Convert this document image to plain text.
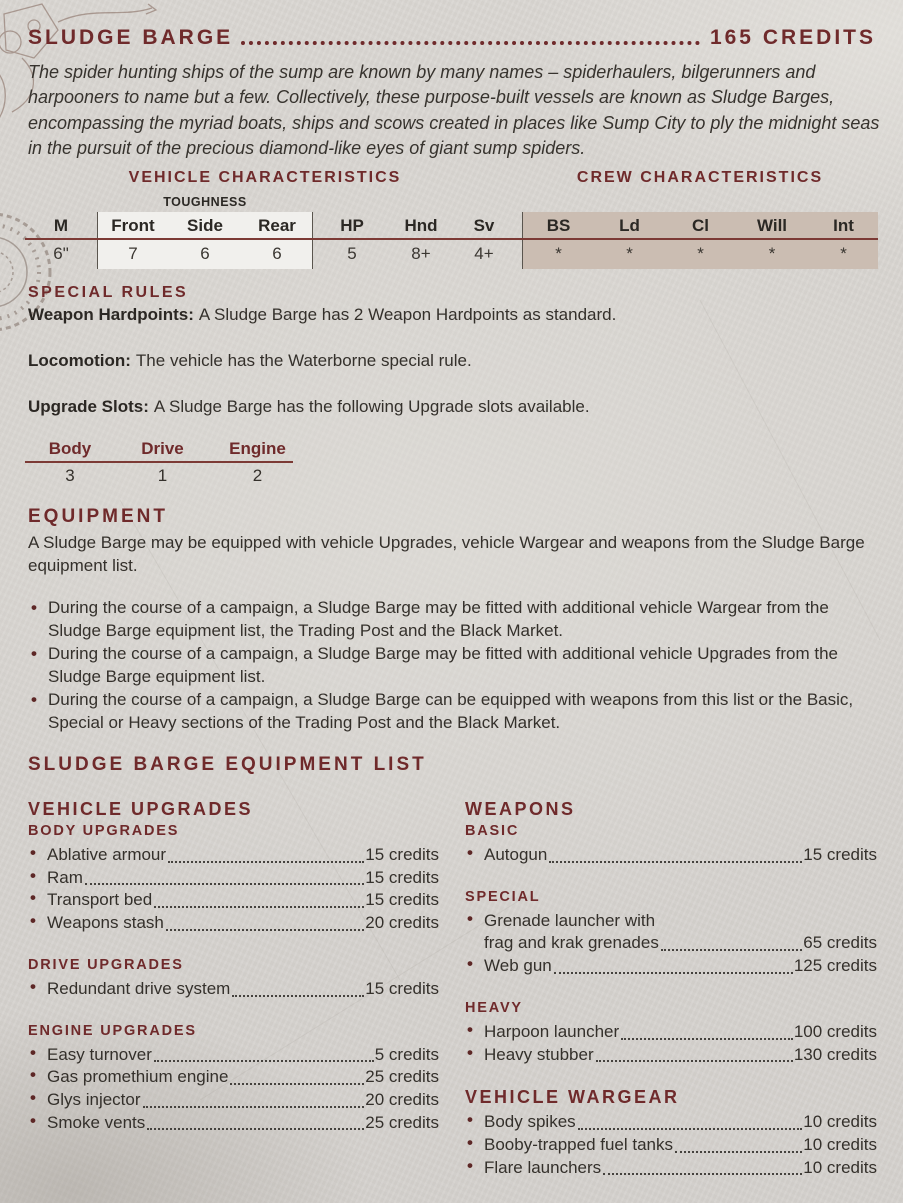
SLUDGE BARGE	165 CREDITS
The spider hunting ships of the sump are known by many names – spiderhaulers, bilgerunners and harpooners to name but a few. Collectively, these purpose-built vessels are known as Sludge Barges, encompassing the myriad boats, ships and scows created in places like Sump City to ply the midnight seas in the pursuit of the precious diamond-like eyes of giant sump spiders.
VEHICLE CHARACTERISTICS	CREW CHARACTERISTICS
TOUGHNESS
M	Front	Side	Rear	HP	Hnd	Sv
6"	7	6	6	5	8+	4+
BS	Ld	Cl	Will	Int
*	*	*	*	*
SPECIAL RULES
Weapon Hardpoints: A Sludge Barge has 2 Weapon Hardpoints as standard.
Locomotion: The vehicle has the Waterborne special rule.
Upgrade Slots: A Sludge Barge has the following Upgrade slots available.
Body	Drive	Engine
3	1	2
EQUIPMENT
A Sludge Barge may be equipped with vehicle Upgrades, vehicle Wargear and weapons from the Sludge Barge equipment list.
• During the course of a campaign, a Sludge Barge may be fitted with additional vehicle Wargear from the Sludge Barge equipment list, the Trading Post and the Black Market.
• During the course of a campaign, a Sludge Barge may be fitted with additional vehicle Upgrades from the Sludge Barge equipment list.
• During the course of a campaign, a Sludge Barge can be equipped with weapons from this list or the Basic, Special or Heavy sections of the Trading Post and the Black Market.
SLUDGE BARGE EQUIPMENT LIST
VEHICLE UPGRADES
BODY UPGRADES
• Ablative armour	15 credits
• Ram	15 credits
• Transport bed	15 credits
• Weapons stash	20 credits
DRIVE UPGRADES
• Redundant drive system	15 credits
ENGINE UPGRADES
• Easy turnover	5 credits
• Gas promethium engine	25 credits
• Glys injector	20 credits
• Smoke vents	25 credits
WEAPONS
BASIC
• Autogun	15 credits
SPECIAL
• Grenade launcher with
frag and krak grenades	65 credits
• Web gun	125 credits
HEAVY
• Harpoon launcher	100 credits
• Heavy stubber	130 credits
VEHICLE WARGEAR
• Body spikes	10 credits
• Booby-trapped fuel tanks	10 credits
• Flare launchers	10 credits
